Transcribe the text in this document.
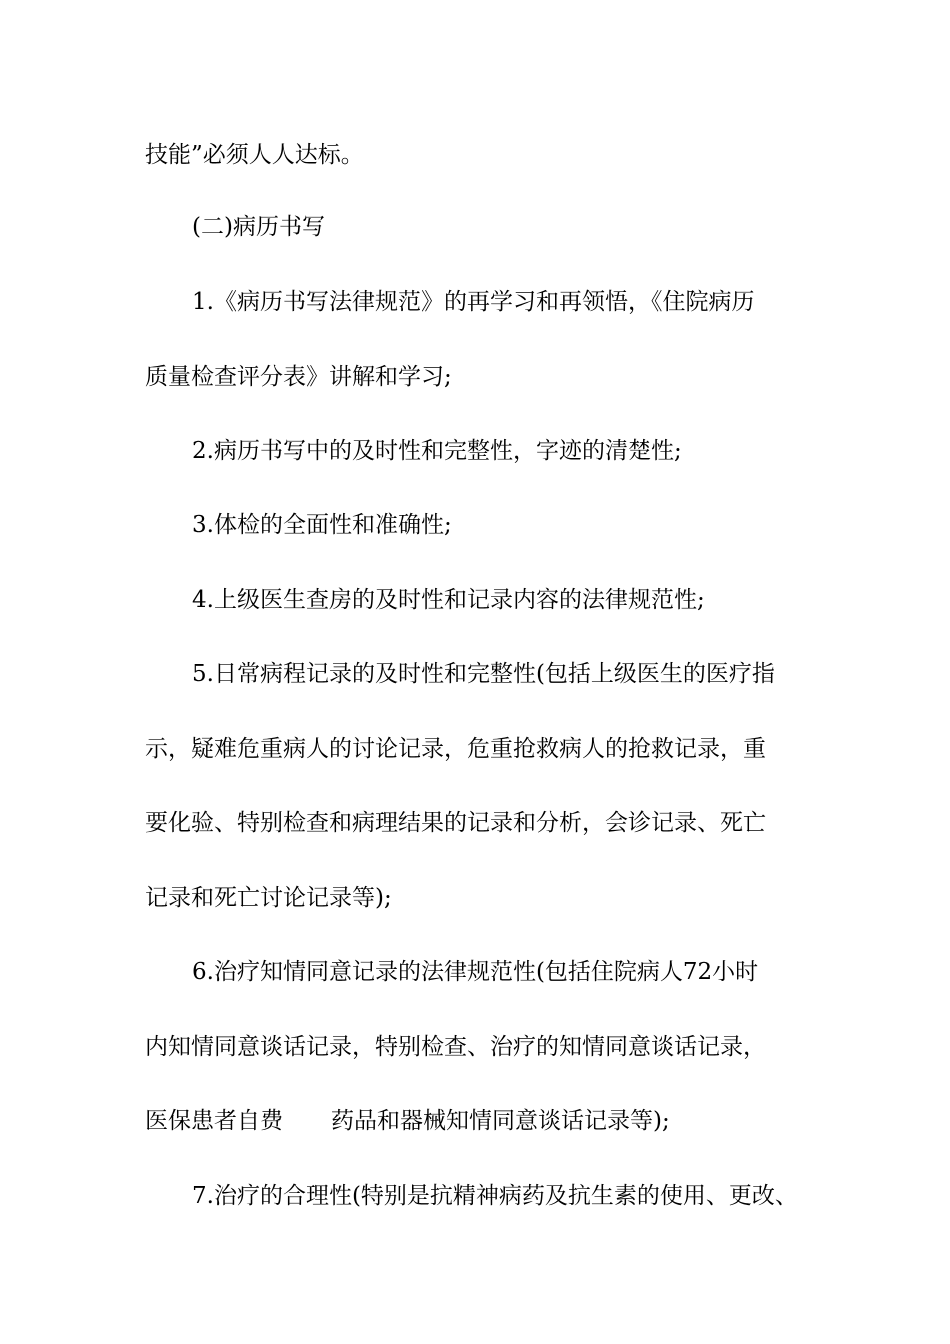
技能”必须人人达标。
(二)病历书写
1.《病历书写法律规范》的再学习和再领悟，《住院病历
质量检查评分表》讲解和学习;
2.病历书写中的及时性和完整性，字迹的清楚性;
3.体检的全面性和准确性;
4.上级医生查房的及时性和记录内容的法律规范性;
5.日常病程记录的及时性和完整性(包括上级医生的医疗指
示，疑难危重病人的讨论记录，危重抢救病人的抢救记录，重
要化验、特别检查和病理结果的记录和分析，会诊记录、死亡
记录和死亡讨论记录等);
6.治疗知情同意记录的法律规范性(包括住院病人72小时
内知情同意谈话记录，特别检查、治疗的知情同意谈话记录，
医保患者自费 药品和器械知情同意谈话记录等);
7.治疗的合理性(特别是抗精神病药及抗生素的使用、更改、
